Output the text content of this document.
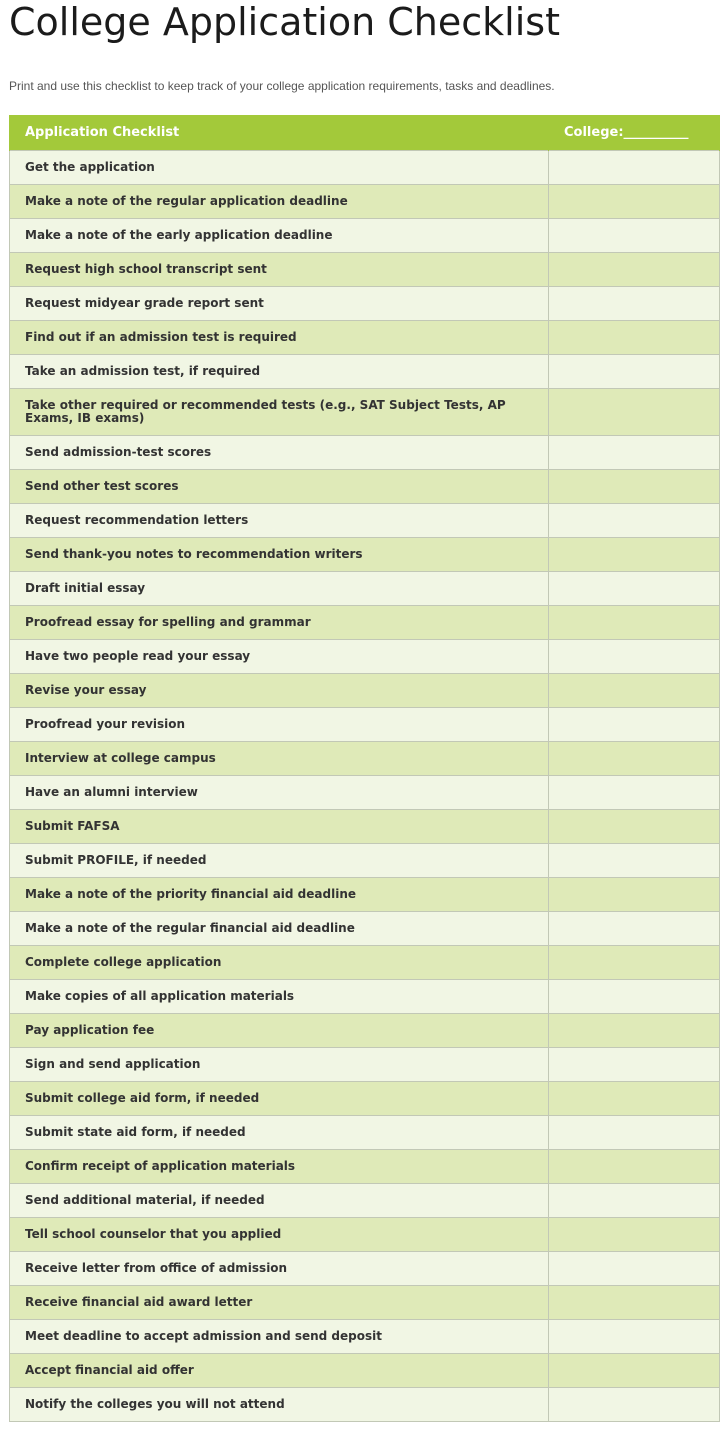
College Application Checklist

Print and use this checklist to keep track of your college application requirements, tasks and deadlines.

Application Checklist	College:__________
Get the application	
Make a note of the regular application deadline	
Make a note of the early application deadline	
Request high school transcript sent	
Request midyear grade report sent	
Find out if an admission test is required	
Take an admission test, if required	
Take other required or recommended tests (e.g., SAT Subject Tests, AP Exams, IB exams)	
Send admission-test scores	
Send other test scores	
Request recommendation letters	
Send thank-you notes to recommendation writers	
Draft initial essay	
Proofread essay for spelling and grammar	
Have two people read your essay	
Revise your essay	
Proofread your revision	
Interview at college campus	
Have an alumni interview	
Submit FAFSA	
Submit PROFILE, if needed	
Make a note of the priority financial aid deadline	
Make a note of the regular financial aid deadline	
Complete college application	
Make copies of all application materials	
Pay application fee	
Sign and send application	
Submit college aid form, if needed	
Submit state aid form, if needed	
Confirm receipt of application materials	
Send additional material, if needed	
Tell school counselor that you applied	
Receive letter from office of admission	
Receive financial aid award letter	
Meet deadline to accept admission and send deposit	
Accept financial aid offer	
Notify the colleges you will not attend	
